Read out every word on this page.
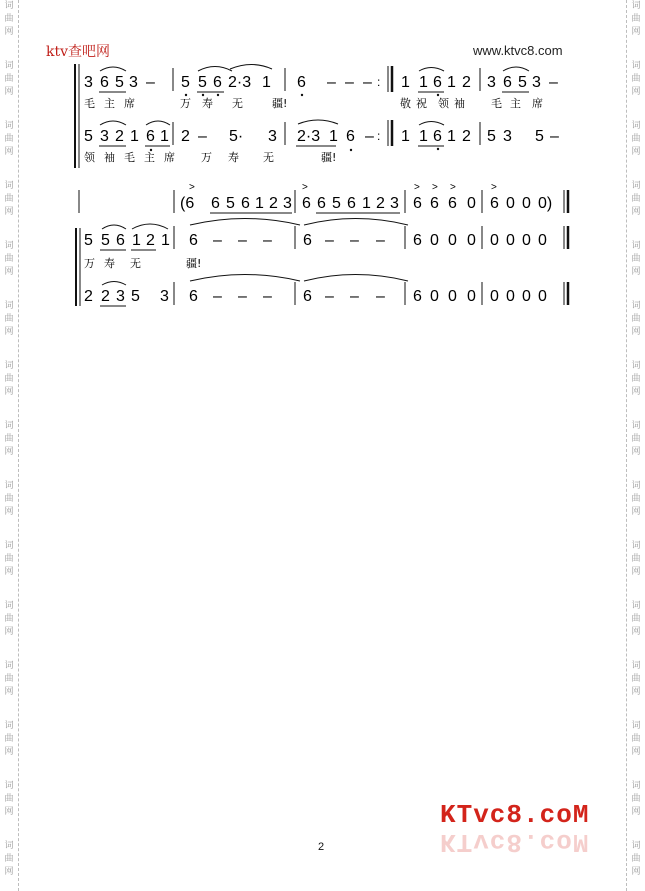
词
曲
网
词
曲
网
词
曲
网
词
曲
网
词
曲
网
词
曲
网
词
曲
网
词
曲
网
词
曲
网
词
曲
网
词
曲
网
词
曲
网
词
曲
网
词
曲
网
词
曲
网
词
曲
网
词
曲
网
词
曲
网
词
曲
网
词
曲
网
词
曲
网
词
曲
网
词
曲
网
词
曲
网
词
曲
网
词
曲
网
词
曲
网
词
曲
网
词
曲
网
词
曲
网
ktv查吧网	www.ktvc8.com
3 6 5 3 – 5 5 6 2·3 1 6 – – – : 1 1 6 1 2 3 6 5 3 –
毛 主 席	万 寿 无	疆!	敬 祝 领 袖 毛 主 席
5 3 2 1 6 1 2 – 5· 3 2·3 1 6 – : 1 1 6 1 2 5 3 5 –
领 袖 毛 主 席 万 寿 无	疆!
(6 6 5 6 1 2 3
>
6
>
6 5 6 1 2 3 6 6 6 0
> > >
6 0 0 0)
>
5 5 6 1 2 1 6 – – – 6 – – – 6 0 0 0 0 0 0 0
万 寿 无	疆!
2 2 3 5 3 6 – – – 6 – – – 6 0 0 0 0 0 0 0
KTvc8.coM
KTvc8.coM
2
